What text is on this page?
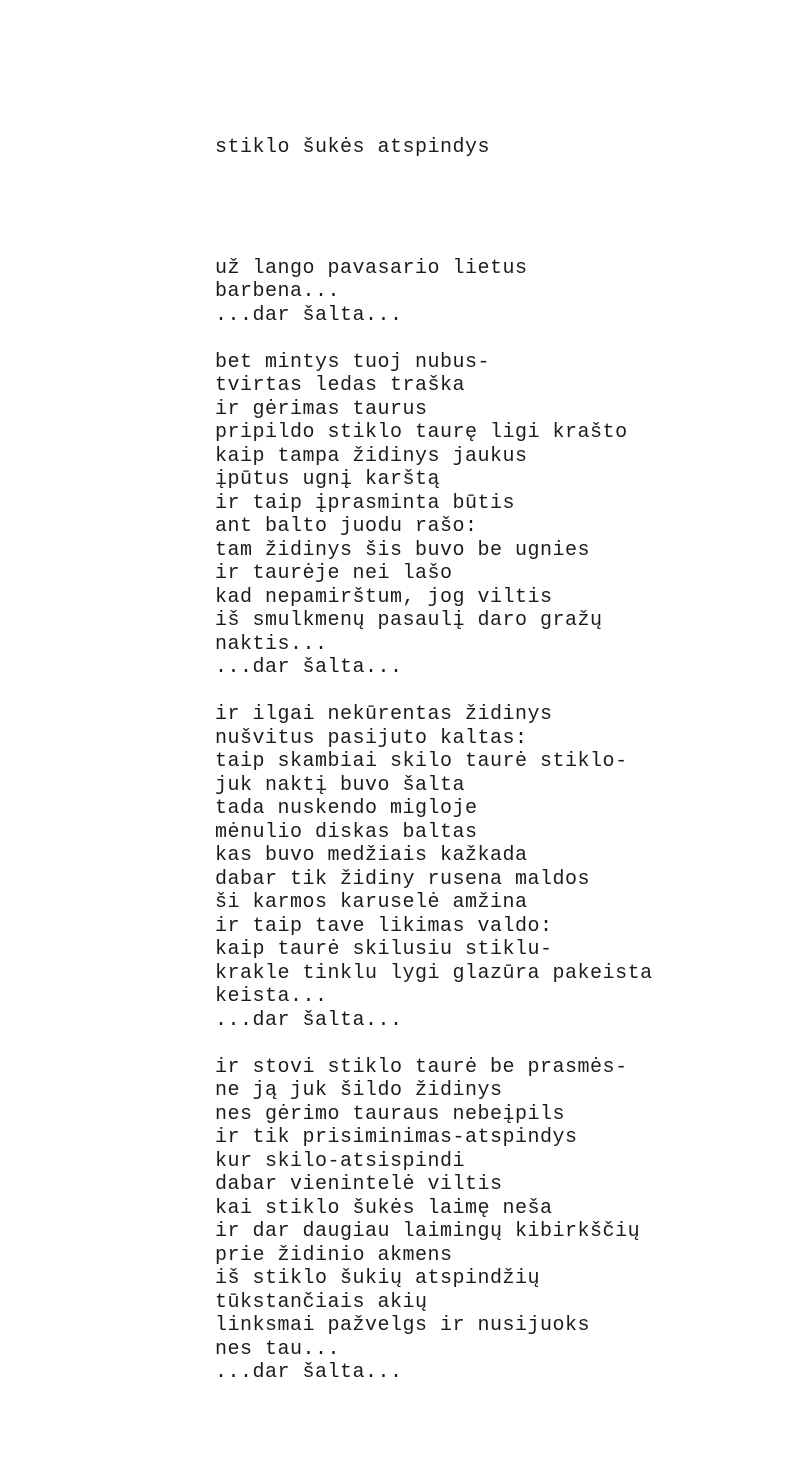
stiklo šukės atspindys

už lango pavasario lietus
barbena...
...dar šalta...
bet mintys tuoj nubus-
tvirtas ledas traška
ir gėrimas taurus
pripildo stiklo taurę ligi krašto
kaip tampa židinys jaukus
įpūtus ugnį karštą
ir taip įprasminta būtis
ant balto juodu rašo:
tam židinys šis buvo be ugnies
ir taurėje nei lašo
kad nepamirštum, jog viltis
iš smulkmenų pasaulį daro gražų
naktis...
...dar šalta...
ir ilgai nekūrentas židinys
nušvitus pasijuto kaltas:
taip skambiai skilo taurė stiklo-
juk naktį buvo šalta
tada nuskendo migloje
mėnulio diskas baltas
kas buvo medžiais kažkada
dabar tik židiny rusena maldos
ši karmos karuselė amžina
ir taip tave likimas valdo:
kaip taurė skilusiu stiklu-
krakle tinklu lygi glazūra pakeista
keista...
...dar šalta...
ir stovi stiklo taurė be prasmės-
ne ją juk šildo židinys
nes gėrimo tauraus nebeįpils
ir tik prisiminimas-atspindys
kur skilo-atsispindi
dabar vienintelė viltis
kai stiklo šukės laimę neša
ir dar daugiau laimingų kibirkščių
prie židinio akmens
iš stiklo šukių atspindžių
tūkstančiais akių
linksmai pažvelgs ir nusijuoks
nes tau...
...dar šalta...
